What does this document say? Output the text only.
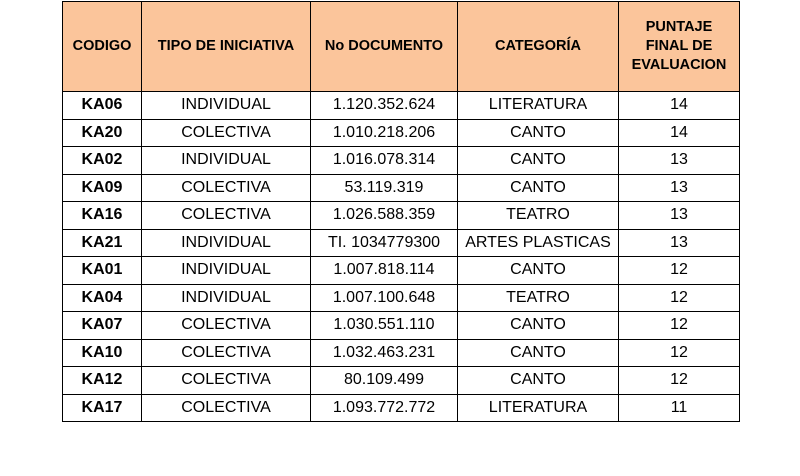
CODIGO	TIPO DE INICIATIVA	No DOCUMENTO	CATEGORÍA	PUNTAJE FINAL DE EVALUACION
KA06	INDIVIDUAL	1.120.352.624	LITERATURA	14
KA20	COLECTIVA	1.010.218.206	CANTO	14
KA02	INDIVIDUAL	1.016.078.314	CANTO	13
KA09	COLECTIVA	53.119.319	CANTO	13
KA16	COLECTIVA	1.026.588.359	TEATRO	13
KA21	INDIVIDUAL	TI. 1034779300	ARTES PLASTICAS	13
KA01	INDIVIDUAL	1.007.818.114	CANTO	12
KA04	INDIVIDUAL	1.007.100.648	TEATRO	12
KA07	COLECTIVA	1.030.551.110	CANTO	12
KA10	COLECTIVA	1.032.463.231	CANTO	12
KA12	COLECTIVA	80.109.499	CANTO	12
KA17	COLECTIVA	1.093.772.772	LITERATURA	11
